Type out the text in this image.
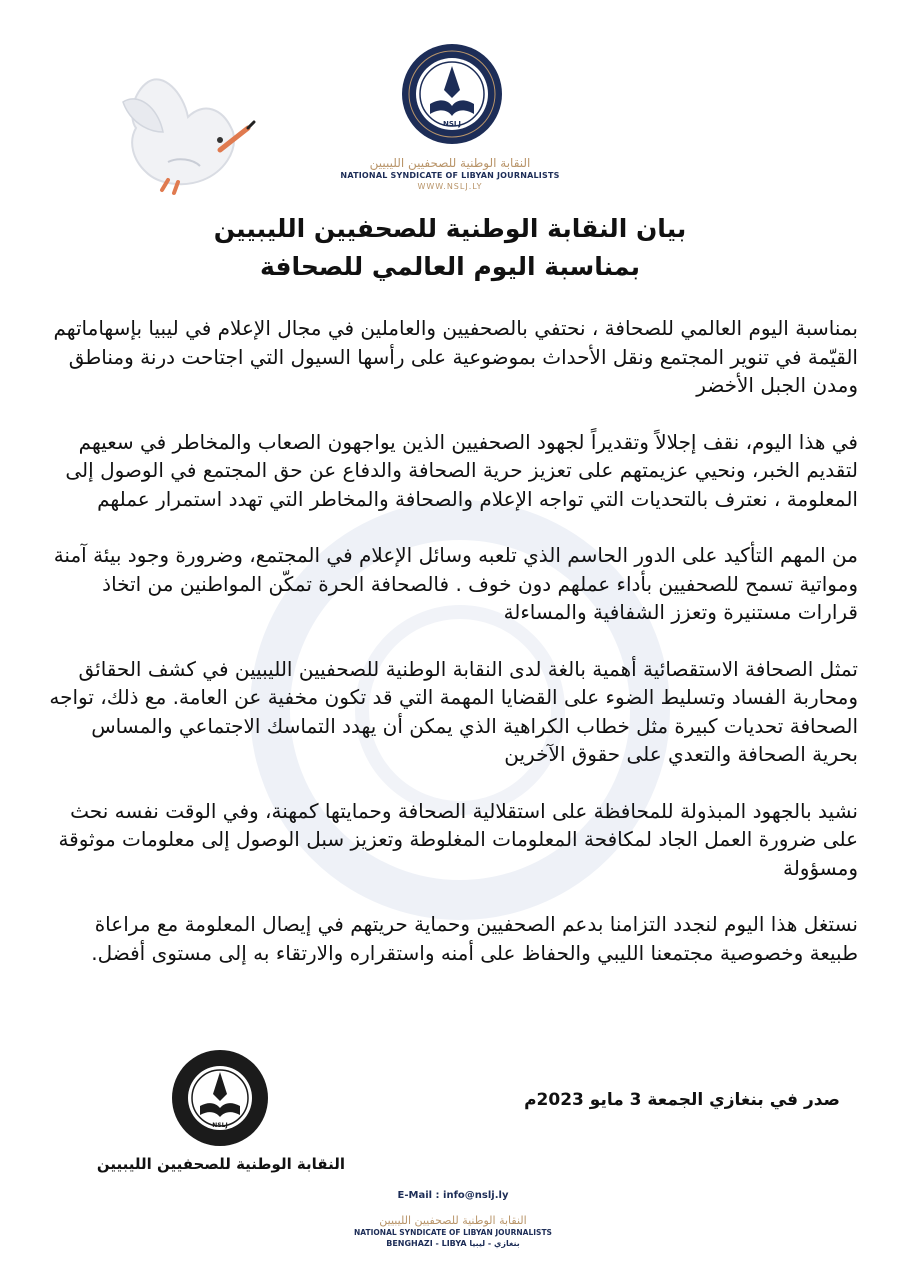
NSLJ
النقابة الوطنية للصحفيين الليبيين
NATIONAL SYNDICATE OF LIBYAN JOURNALISTS
WWW.NSLJ.LY
بيان النقابة الوطنية للصحفيين الليبيين
بمناسبة اليوم العالمي للصحافة

بمناسبة اليوم العالمي للصحافة ، نحتفي بالصحفيين والعاملين في مجال الإعلام في ليبيا بإسهاماتهم القيّمة في تنوير المجتمع ونقل الأحداث بموضوعية على رأسها السيول التي اجتاحت درنة ومناطق ومدن الجبل الأخضر

في هذا اليوم، نقف إجلالاً وتقديراً لجهود الصحفيين الذين يواجهون الصعاب والمخاطر في سعيهم لتقديم الخبر، ونحيي عزيمتهم على تعزيز حرية الصحافة والدفاع عن حق المجتمع في الوصول إلى المعلومة ، نعترف بالتحديات التي تواجه الإعلام والصحافة والمخاطر التي تهدد استمرار عملهم

من المهم التأكيد على الدور الحاسم الذي تلعبه وسائل الإعلام في المجتمع، وضرورة وجود بيئة آمنة ومواتية تسمح للصحفيين بأداء عملهم دون خوف . فالصحافة الحرة تمكّن المواطنين من اتخاذ قرارات مستنيرة وتعزز الشفافية والمساءلة

تمثل الصحافة الاستقصائية أهمية بالغة لدى النقابة الوطنية للصحفيين الليبيين في كشف الحقائق ومحاربة الفساد وتسليط الضوء على القضايا المهمة التي قد تكون مخفية عن العامة. مع ذلك، تواجه الصحافة تحديات كبيرة مثل خطاب الكراهية الذي يمكن أن يهدد التماسك الاجتماعي والمساس بحرية الصحافة والتعدي على حقوق الآخرين

نشيد بالجهود المبذولة للمحافظة على استقلالية الصحافة وحمايتها كمهنة، وفي الوقت نفسه نحث على ضرورة العمل الجاد لمكافحة المعلومات المغلوطة وتعزيز سبل الوصول إلى معلومات موثوقة ومسؤولة

نستغل هذا اليوم لنجدد التزامنا بدعم الصحفيين وحماية حريتهم في إيصال المعلومة مع مراعاة طبيعة وخصوصية مجتمعنا الليبي والحفاظ على أمنه واستقراره والارتقاء به إلى مستوى أفضل.

NSLJ
صدر في بنغازي الجمعة 3 مايو 2023م
النقابة الوطنية للصحفيين الليبيين
E-Mail : info@nslj.ly
النقابة الوطنية للصحفيين الليبيين
NATIONAL SYNDICATE OF LIBYAN JOURNALISTS
BENGHAZI - LIBYA بنغازي - ليبيا
